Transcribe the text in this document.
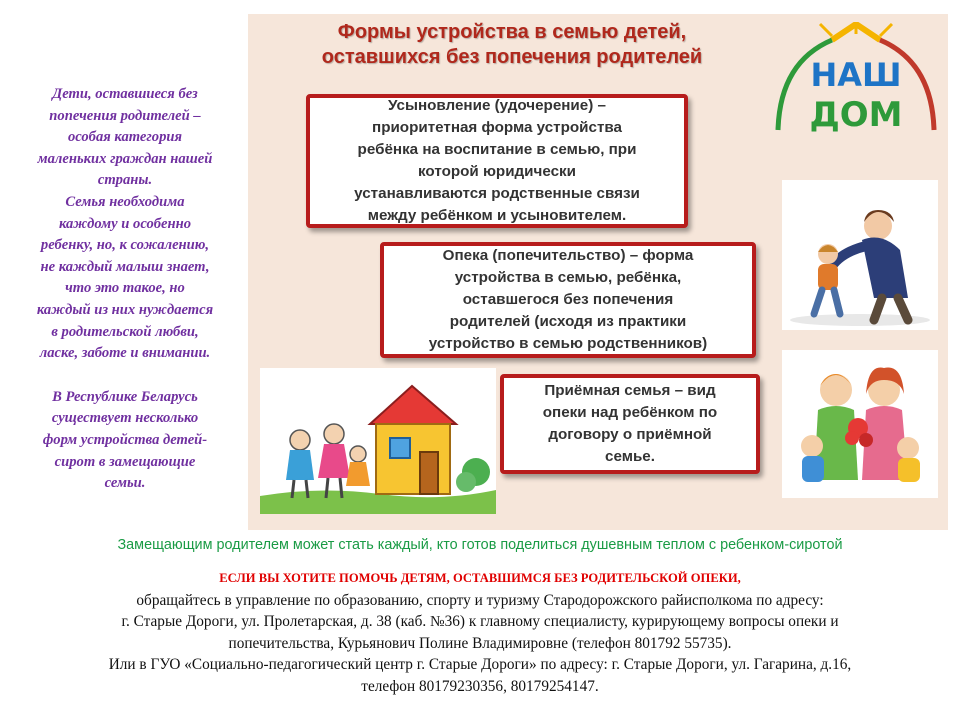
Дети, оставшиеся без
попечения родителей –
особая категория
маленьких граждан нашей
страны.

Семья необходима
каждому и особенно
ребенку, но, к сожалению,
не каждый малыш знает,
что это такое, но
каждый из них нуждается
в родительской любви,
ласке, заботе и внимании.

В Республике Беларусь
существует несколько
форм устройства детей-
сирот в замещающие
семьи.

Формы устройства в семью детей,
оставшихся без попечения родителей	НАШ
ДОМ
Усыновление (удочерение) –
приоритетная форма устройства
ребёнка на воспитание в семью, при
которой юридически
устанавливаются родственные связи
между ребёнком и усыновителем.
Опека (попечительство) – форма
устройства в семью, ребёнка,
оставшегося без попечения
родителей (исходя из практики
устройство в семью родственников)
Приёмная семья – вид
опеки над ребёнком по
договору о приёмной
семье.
Замещающим родителем может стать каждый, кто готов поделиться душевным теплом с ребенком-сиротой
ЕСЛИ ВЫ ХОТИТЕ ПОМОЧЬ ДЕТЯМ, ОСТАВШИМСЯ БЕЗ РОДИТЕЛЬСКОЙ ОПЕКИ,

обращайтесь в управление по образованию, спорту и туризму Стародорожского райисполкома по адресу:

г. Старые Дороги, ул. Пролетарская, д. 38 (каб. №36) к главному специалисту, курирующему вопросы опеки и

попечительства, Курьянович Полине Владимировне (телефон 801792 55735).

Или в ГУО «Социально-педагогический центр г. Старые Дороги» по адресу: г. Старые Дороги, ул. Гагарина, д.16,

телефон 80179230356, 80179254147.
